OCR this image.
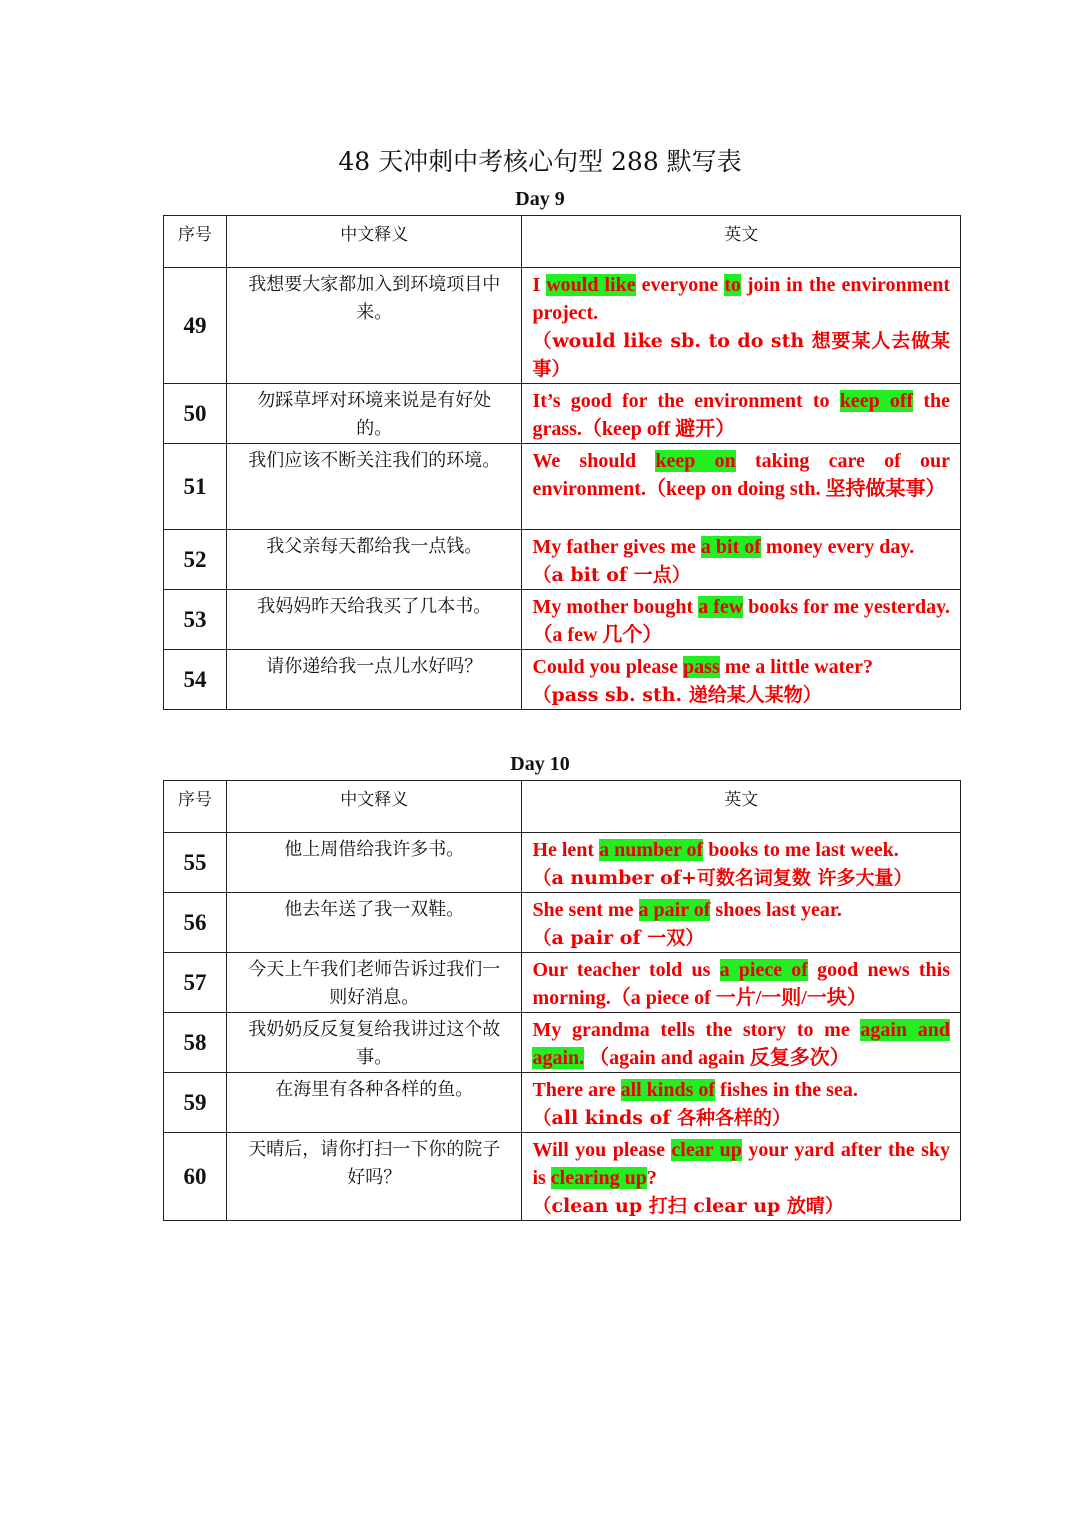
48 天冲刺中考核心句型 288 默写表
Day 9
序号	中文释义	英文
49	我想要大家都加入到环境项目中来。	I would like everyone to join in the environment project.
（would like sb. to do sth 想要某人去做某事）

50	勿踩草坪对环境来说是有好处的。	It’s good for the environment to keep off the grass.（keep off 避开）
51	我们应该不断关注我们的环境。	We should keep on taking care of our environment.（keep on doing sth. 坚持做某事）
52	我父亲每天都给我一点钱。	My father gives me a bit of money every day.
（a bit of 一点）

53	我妈妈昨天给我买了几本书。	My mother bought a few books for me yesterday.（a few 几个）
54	请你递给我一点儿水好吗？	Could you please pass me a little water?
（pass sb. sth. 递给某人某物）
Day 10
序号	中文释义	英文
55	他上周借给我许多书。	He lent a number of books to me last week.
（a number of+可数名词复数 许多大量）

56	他去年送了我一双鞋。	She sent me a pair of shoes last year.
（a pair of 一双）

57	今天上午我们老师告诉过我们一则好消息。	Our teacher told us a piece of good news this morning.（a piece of 一片/一则/一块）
58	我奶奶反反复复给我讲过这个故事。	My grandma tells the story to me again and again. （again and again 反复多次）
59	在海里有各种各样的鱼。	There are all kinds of fishes in the sea.
（all kinds of 各种各样的）

60	天晴后，请你打扫一下你的院子好吗？	Will you please clear up your yard after the sky is clearing up?
（clean up 打扫 clear up 放晴）
